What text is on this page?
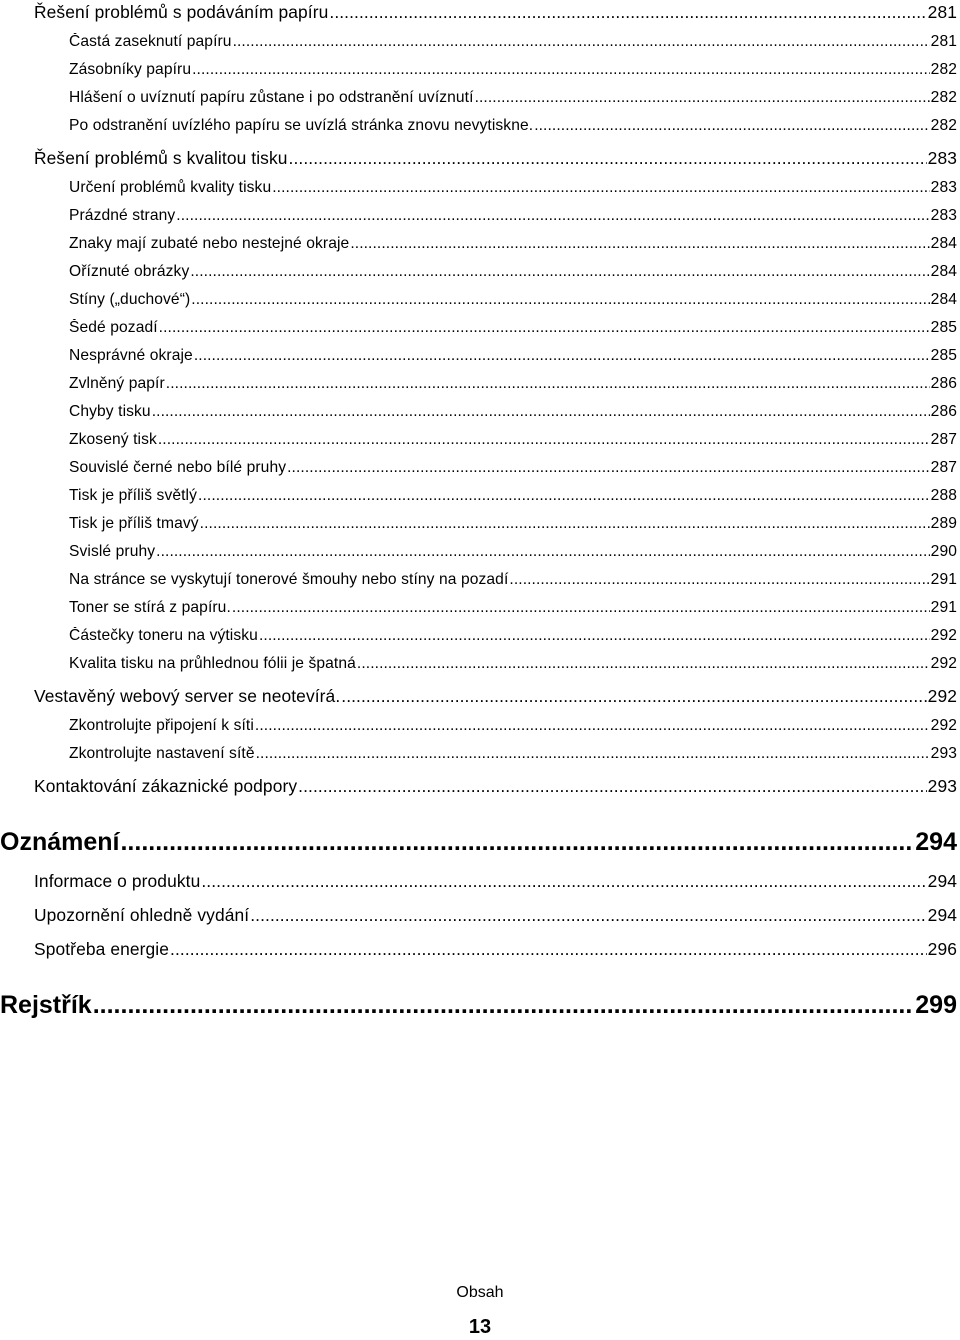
Řešení problémů s podáváním papíru .....	281
Častá zaseknutí papíru .....	281
Zásobníky papíru .....	282
Hlášení o uvíznutí papíru zůstane i po odstranění uvíznutí .....	282
Po odstranění uvízlého papíru se uvízlá stránka znovu nevytiskne. .....	282
Řešení problémů s kvalitou tisku .....	283
Určení problémů kvality tisku .....	283
Prázdné strany .....	283
Znaky mají zubaté nebo nestejné okraje .....	284
Oříznuté obrázky .....	284
Stíny („duchové“) .....	284
Šedé pozadí .....	285
Nesprávné okraje .....	285
Zvlněný papír .....	286
Chyby tisku .....	286
Zkosený tisk .....	287
Souvislé černé nebo bílé pruhy .....	287
Tisk je příliš světlý .....	288
Tisk je příliš tmavý .....	289
Svislé pruhy .....	290
Na stránce se vyskytují tonerové šmouhy nebo stíny na pozadí .....	291
Toner se stírá z papíru. .....	291
Částečky toneru na výtisku .....	292
Kvalita tisku na průhlednou fólii je špatná .....	292
Vestavěný webový server se neotevírá. .....	292
Zkontrolujte připojení k síti .....	292
Zkontrolujte nastavení sítě .....	293
Kontaktování zákaznické podpory .....	293
Oznámení .....	294
Informace o produktu .....	294
Upozornění ohledně vydání .....	294
Spotřeba energie .....	296
Rejstřík .....	299
Obsah
13
